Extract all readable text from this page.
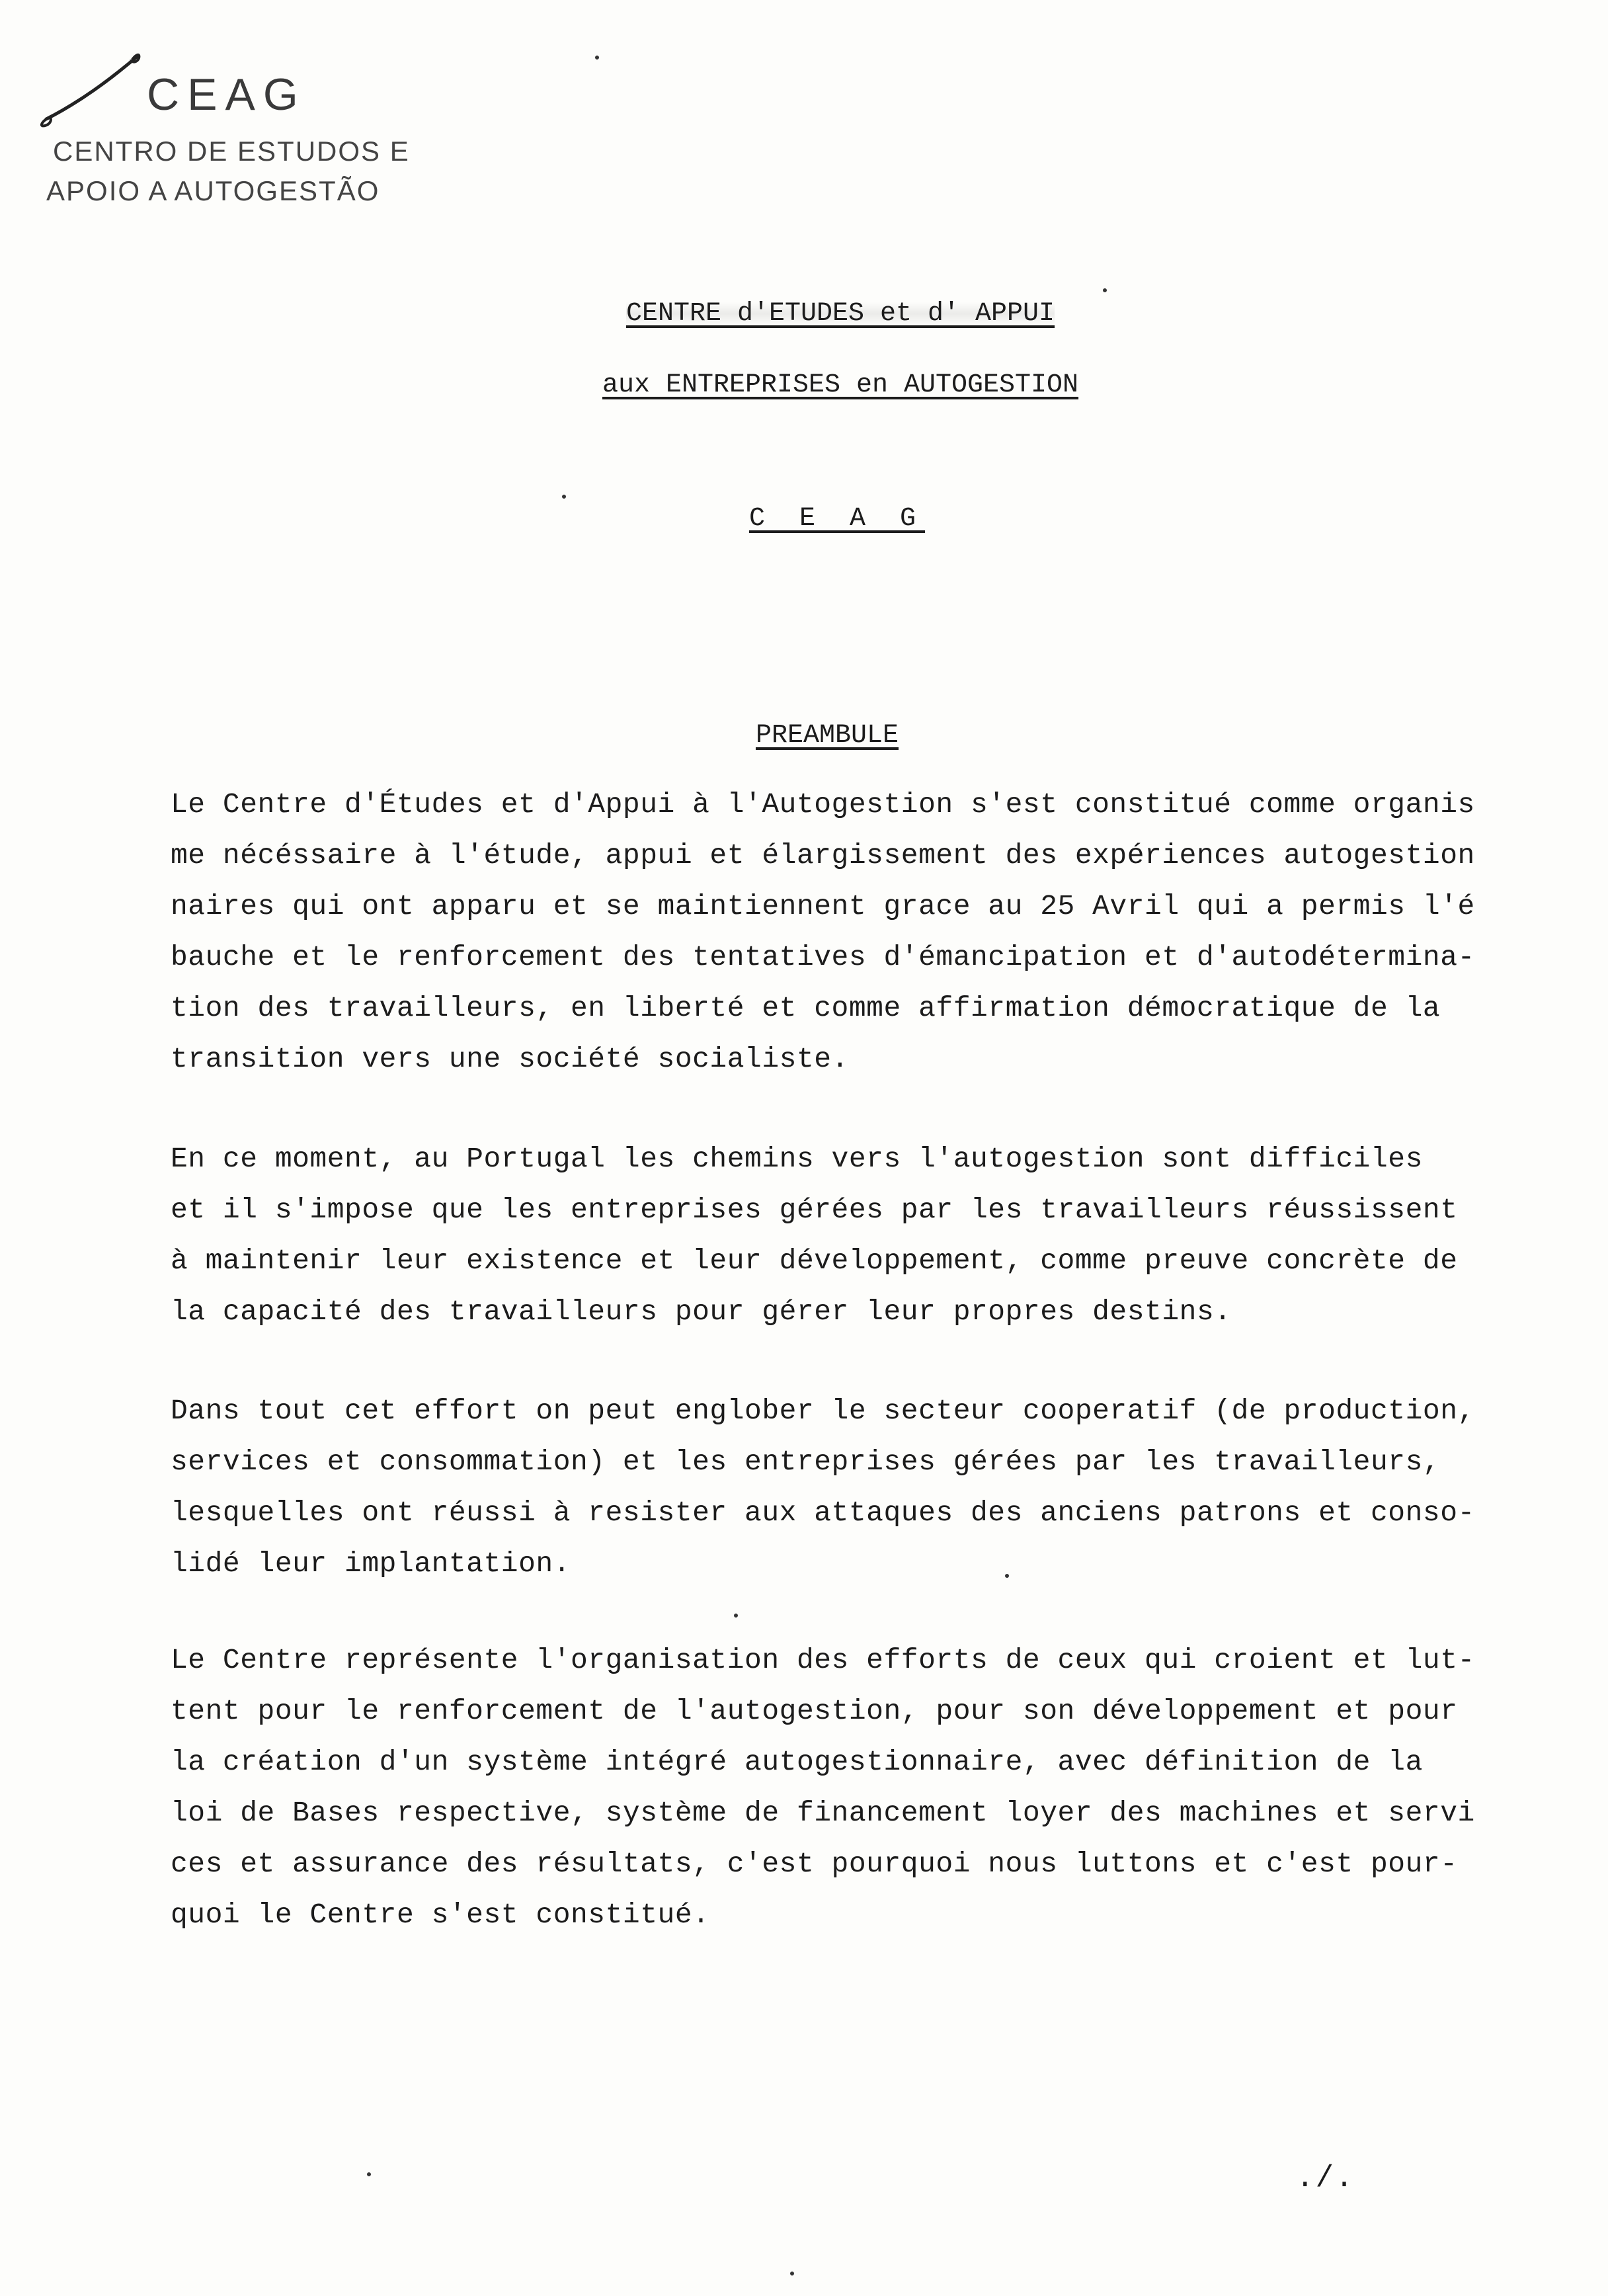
CEAG
CENTRO DE ESTUDOS E
APOIO A AUTOGESTÃO
CENTRE d'ETUDES et d' APPUI
aux ENTREPRISES en AUTOGESTION
C E A G
PREAMBULE
Le Centre d'Études et d'Appui à l'Autogestion s'est constitué comme organis
me nécéssaire à l'étude, appui et élargissement des expériences autogestion
naires qui ont apparu et se maintiennent grace au 25 Avril qui a permis l'é
bauche et le renforcement des tentatives d'émancipation et d'autodétermina-
tion des travailleurs, en liberté et comme affirmation démocratique de la
transition vers une société socialiste.
En ce moment, au Portugal les chemins vers l'autogestion sont difficiles
et il s'impose que les entreprises gérées par les travailleurs réussissent
à maintenir leur existence et leur développement, comme preuve concrète de
la capacité des travailleurs pour gérer leur propres destins.
Dans tout cet effort on peut englober le secteur cooperatif (de production,
services et consommation) et les entreprises gérées par les travailleurs,
lesquelles ont réussi à resister aux attaques des anciens patrons et conso-
lidé leur implantation.
Le Centre représente l'organisation des efforts de ceux qui croient et lut-
tent pour le renforcement de l'autogestion, pour son développement et pour
la création d'un système intégré autogestionnaire, avec définition de la
loi de Bases respective, système de financement loyer des machines et servi
ces et assurance des résultats, c'est pourquoi nous luttons et c'est pour-
quoi le Centre s'est constitué.
./.
